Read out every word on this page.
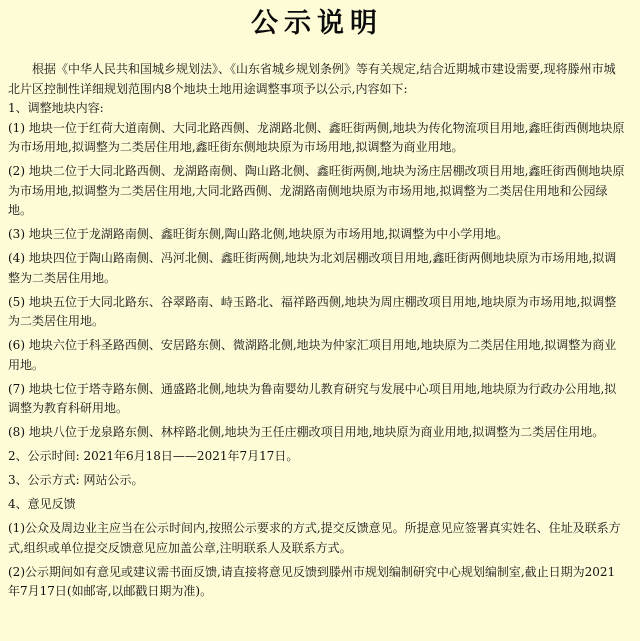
公示说明

根据《中华人民共和国城乡规划法》、《山东省城乡规划条例》等有关规定,结合近期城市建设需要,现将滕州市城北片区控制性详细规划范围内8个地块土地用途调整事项予以公示,内容如下:

1、调整地块内容:

(1) 地块一位于红荷大道南侧、大同北路西侧、龙湖路北侧、鑫旺街两侧,地块为传化物流项目用地,鑫旺街西侧地块原为市场用地,拟调整为二类居住用地,鑫旺街东侧地块原为市场用地,拟调整为商业用地。

(2) 地块二位于大同北路西侧、龙湖路南侧、陶山路北侧、鑫旺街两侧,地块为汤庄居棚改项目用地,鑫旺街西侧地块原为市场用地,拟调整为二类居住用地,大同北路西侧、龙湖路南侧地块原为市场用地,拟调整为二类居住用地和公园绿地。

(3) 地块三位于龙湖路南侧、鑫旺街东侧,陶山路北侧,地块原为市场用地,拟调整为中小学用地。

(4) 地块四位于陶山路南侧、冯河北侧、鑫旺街两侧,地块为北刘居棚改项目用地,鑫旺街两侧地块原为市场用地,拟调整为二类居住用地。

(5) 地块五位于大同北路东、谷翠路南、峙玉路北、福祥路西侧,地块为周庄棚改项目用地,地块原为市场用地,拟调整为二类居住用地。

(6) 地块六位于科圣路西侧、安居路东侧、微湖路北侧,地块为仲家汇项目用地,地块原为二类居住用地,拟调整为商业用地。

(7) 地块七位于塔寺路东侧、通盛路北侧,地块为鲁南婴幼儿教育研究与发展中心项目用地,地块原为行政办公用地,拟调整为教育科研用地。

(8) 地块八位于龙泉路东侧、林梓路北侧,地块为王任庄棚改项目用地,地块原为商业用地,拟调整为二类居住用地。

2、公示时间: 2021年6月18日——2021年7月17日。

3、公示方式: 网站公示。

4、意见反馈

(1)公众及周边业主应当在公示时间内,按照公示要求的方式,提交反馈意见。所提意见应签署真实姓名、住址及联系方式,组织或单位提交反馈意见应加盖公章,注明联系人及联系方式。

(2)公示期间如有意见或建议需书面反馈,请直接将意见反馈到滕州市规划编制研究中心规划编制室,截止日期为2021年7月17日(如邮寄,以邮戳日期为准)。
